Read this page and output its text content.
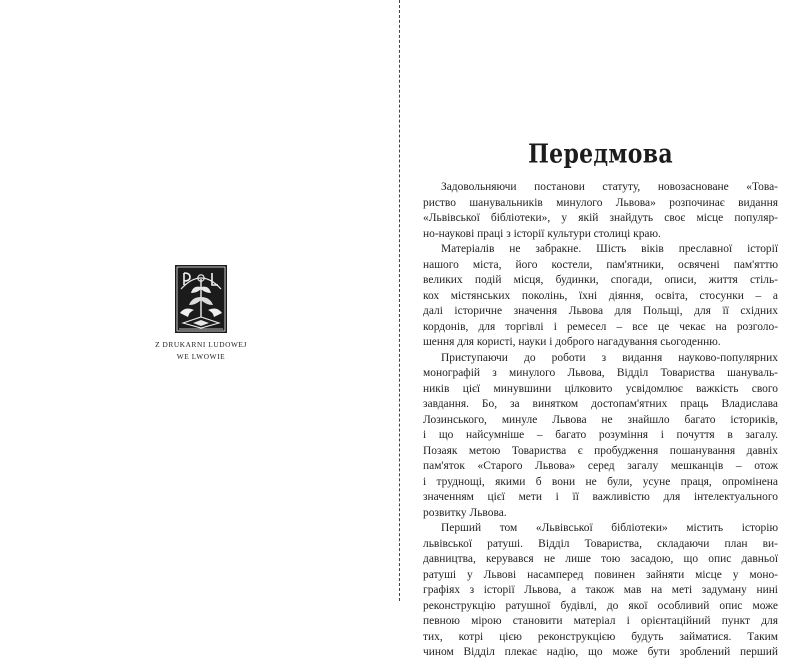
Z DRUKARNI LUDOWEJ
WE LWOWIE
Передмова
Задовольняючи постанови статуту, новозасноване «Това-
риство шанувальників минулого Львова» розпочинає видання
«Львівської бібліотеки», у якій знайдуть своє місце популяр-
но-наукові праці з історії культури столиці краю.
Матеріалів не забракне. Шість віків преславної історії
нашого міста, його костели, пам'ятники, освячені пам'яттю
великих подій місця, будинки, спогади, описи, життя стіль-
кох містянських поколінь, їхні діяння, освіта, стосунки – а
далі історичне значення Львова для Польщі, для її східних
кордонів, для торгівлі і ремесел – все це чекає на розголо-
шення для користі, науки і доброго нагадування сьогоденню.
Приступаючи до роботи з видання науково-популярних
монографій з минулого Львова, Відділ Товариства шануваль-
ників цієї минувшини цілковито усвідомлює важкість свого
завдання. Бо, за винятком достопам'ятних праць Владислава
Лозинського, минуле Львова не знайшло багато історикiв,
і що найсумніше – багато розуміння і почуття в загалу.
Позаяк метою Товариства є пробудження пошанування давніх
пам'яток «Старого Львова» серед загалу мешканців – отож
і труднощі, якими б вони не були, усуне праця, опромінена
значенням цієї мети і її важливістю для інтелектуального
розвитку Львова.
Перший том «Львівської бібліотеки» містить історію
львівської ратуші. Відділ Товариства, складаючи план ви-
давництва, керувався не лише тою засадою, що опис давньої
ратуші у Львові насамперед повинен зайняти місце у моно-
графіях з історії Львова, а також мав на меті задуману нині
реконструкцію ратушної будівлі, до якої особливий опис може
певною мірою становити матеріал і орієнтаційний пункт для
тих, котрі цією реконструкцією будуть займатися. Таким
чином Відділ плекає надію, що може бути зроблений перший
